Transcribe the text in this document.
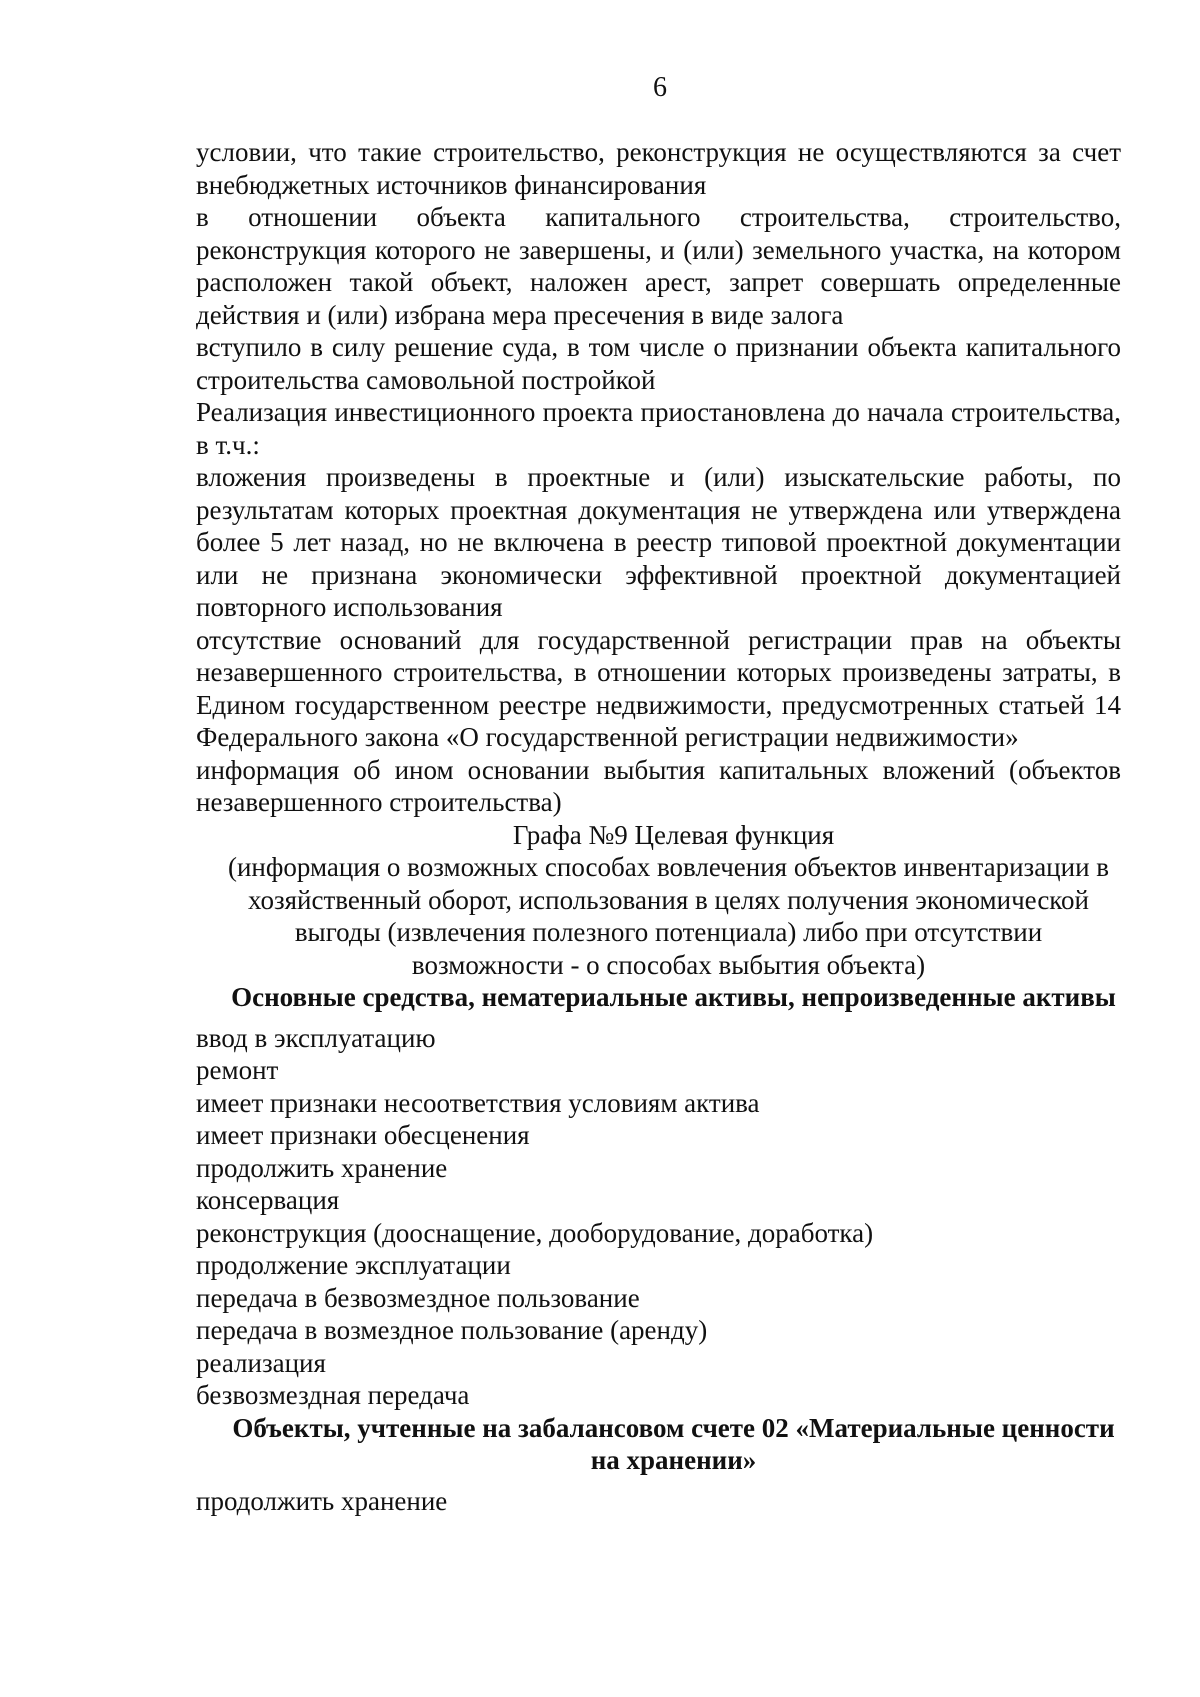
6

условии, что такие строительство, реконструкция не осуществляются за счет внебюджетных источников финансирования

в отношении объекта капитального строительства, строительство, реконструкция которого не завершены, и (или) земельного участка, на котором расположен такой объект, наложен арест, запрет совершать определенные действия и (или) избрана мера пресечения в виде залога

вступило в силу решение суда, в том числе о признании объекта капитального строительства самовольной постройкой

Реализация инвестиционного проекта приостановлена до начала строительства, в т.ч.:

вложения произведены в проектные и (или) изыскательские работы, по результатам которых проектная документация не утверждена или утверждена более 5 лет назад, но не включена в реестр типовой проектной документации или не признана экономически эффективной проектной документацией повторного использования

отсутствие оснований для государственной регистрации прав на объекты незавершенного строительства, в отношении которых произведены затраты, в Едином государственном реестре недвижимости, предусмотренных статьей 14 Федерального закона «О государственной регистрации недвижимости»

информация об ином основании выбытия капитальных вложений (объектов незавершенного строительства)

Графа №9 Целевая функция

(информация о возможных способах вовлечения объектов инвентаризации в хозяйственный оборот, использования в целях получения экономической выгоды (извлечения полезного потенциала) либо при отсутствии возможности - о способах выбытия объекта)

Основные средства, нематериальные активы, непроизведенные активы

ввод в эксплуатацию
ремонт
имеет признаки несоответствия условиям актива
имеет признаки обесценения
продолжить хранение
консервация
реконструкция (дооснащение, дооборудование, доработка)
продолжение эксплуатации
передача в безвозмездное пользование
передача в возмездное пользование (аренду)
реализация
безвозмездная передача

Объекты, учтенные на забалансовом счете 02 «Материальные ценности на хранении»

продолжить хранение
